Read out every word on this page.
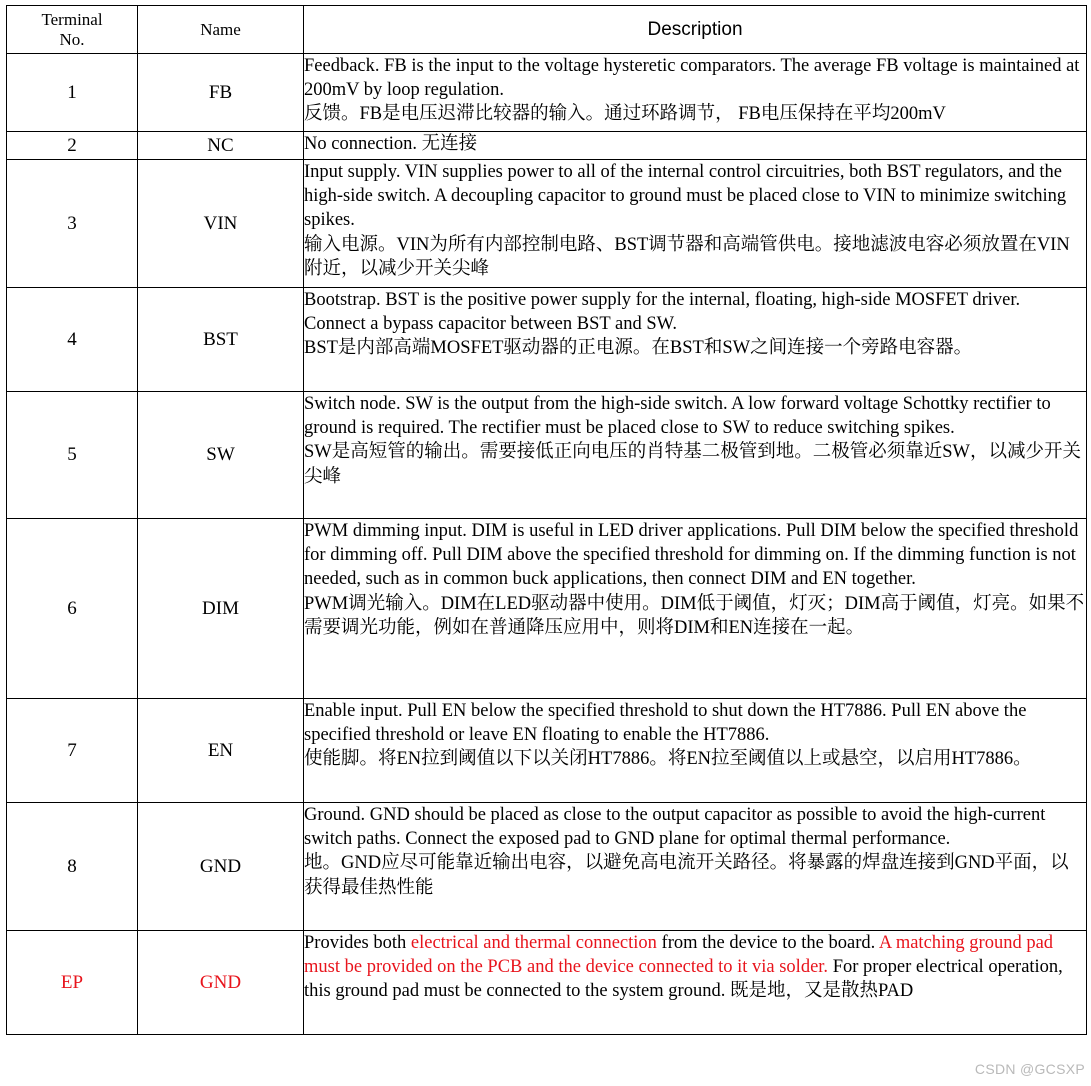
Terminal
No.	Name	Description
1	FB	Feedback. FB is the input to the voltage hysteretic comparators. The average FB voltage is maintained at 200mV by loop regulation.
反馈。FB是电压迟滞比较器的输入。通过环路调节， FB电压保持在平均200mV

2	NC	No connection. 无连接
3	VIN	Input supply. VIN supplies power to all of the internal control circuitries, both BST regulators, and the high-side switch. A decoupling capacitor to ground must be placed close to VIN to minimize switching spikes.
输入电源。VIN为所有内部控制电路、BST调节器和高端管供电。接地滤波电容必须放置在VIN附近，以减少开关尖峰

4	BST	Bootstrap. BST is the positive power supply for the internal, floating, high-side MOSFET driver. Connect a bypass capacitor between BST and SW.
BST是内部高端MOSFET驱动器的正电源。在BST和SW之间连接一个旁路电容器。

5	SW	Switch node. SW is the output from the high-side switch. A low forward voltage Schottky rectifier to ground is required. The rectifier must be placed close to SW to reduce switching spikes.
SW是高短管的输出。需要接低正向电压的肖特基二极管到地。二极管必须靠近SW，以减少开关尖峰

6	DIM	PWM dimming input. DIM is useful in LED driver applications. Pull DIM below the specified threshold for dimming off. Pull DIM above the specified threshold for dimming on. If the dimming function is not needed, such as in common buck applications, then connect DIM and EN together.
PWM调光输入。DIM在LED驱动器中使用。DIM低于阈值，灯灭；DIM高于阈值，灯亮。如果不需要调光功能，例如在普通降压应用中，则将DIM和EN连接在一起。

7	EN	Enable input. Pull EN below the specified threshold to shut down the HT7886. Pull EN above the specified threshold or leave EN floating to enable the HT7886.
使能脚。将EN拉到阈值以下以关闭HT7886。将EN拉至阈值以上或悬空，以启用HT7886。

8	GND	Ground. GND should be placed as close to the output capacitor as possible to avoid the high-current switch paths. Connect the exposed pad to GND plane for optimal thermal performance.
地。GND应尽可能靠近输出电容，以避免高电流开关路径。将暴露的焊盘连接到GND平面，以获得最佳热性能

EP	GND	Provides both electrical and thermal connection from the device to the board. A matching ground pad must be provided on the PCB and the device connected to it via solder. For proper electrical operation, this ground pad must be connected to the system ground. 既是地，又是散热PAD
CSDN @GCSXP
